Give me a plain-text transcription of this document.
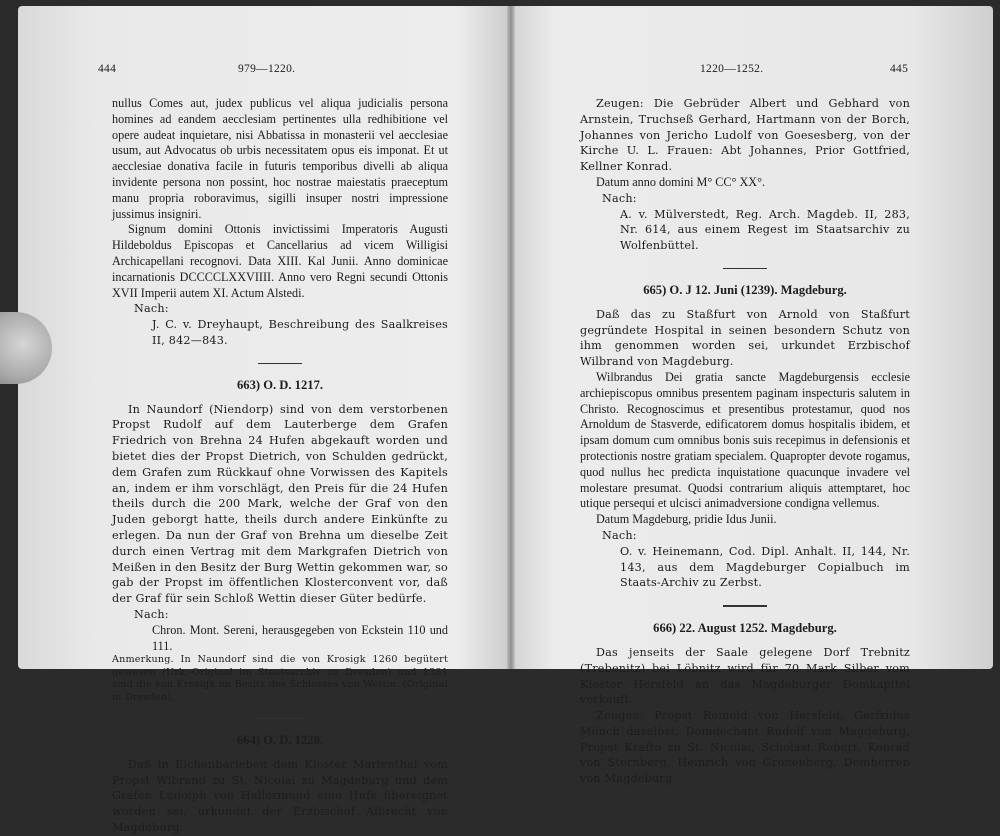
444	979—1220.

nullus Comes aut, judex publicus vel aliqua judicialis persona homines ad eandem aecclesiam pertinentes ulla redhibitione vel opere audeat inquietare, nisi Abbatissa in monasterii vel aecclesiae usum, aut Advocatus ob urbis necessitatem opus eis imponat. Et ut aecclesiae donativa facile in futuris temporibus divelli ab aliqua invidente persona non possint, hoc nostrae maiestatis praeceptum manu propria roboravimus, sigilli insuper nostri impressione jussimus insigniri.

Signum domini Ottonis invictissimi Imperatoris Augusti Hildeboldus Episcopas et Cancellarius ad vicem Willigisi Archicapellani recognovi. Data XIII. Kal Junii. Anno dominicae incarnationis DCCCCLXXVIIII. Anno vero Regni secundi Ottonis XVII Imperii autem XI. Actum Alstedi.

Nach:

J. C. v. Dreyhaupt, Beschreibung des Saalkreises II, 842—843.

663) O. D. 1217.

In Naundorf (Niendorp) sind von dem verstorbenen Propst Rudolf auf dem Lauterberge dem Grafen Friedrich von Brehna 24 Hufen abgekauft worden und bietet dies der Propst Dietrich, von Schulden gedrückt, dem Grafen zum Rückkauf ohne Vorwissen des Kapitels an, indem er ihm vorschlägt, den Preis für die 24 Hufen theils durch die 200 Mark, welche der Graf von den Juden geborgt hatte, theils durch andere Einkünfte zu erlegen. Da nun der Graf von Brehna um dieselbe Zeit durch einen Vertrag mit dem Markgrafen Dietrich von Meißen in den Besitz der Burg Wettin gekommen war, so gab der Propst im öffentlichen Klosterconvent vor, daß der Graf für sein Schloß Wettin dieser Güter bedürfe.

Nach:

Chron. Mont. Sereni, herausgegeben von Eckstein 110 und 111.

Anmerkung. In Naundorf sind die von Krosigk 1260 begütert gewesen (Urk.-Original im Staatsarchiv zu Dresden) und 1381 sind die von Krosigk im Besitz des Schlosses von Wettin. (Original in Dresden).

664) O. D. 1220.

Daß in Eichenbarleben dem Kloster Marienthal vom Propst Wibrand zu St. Nicolai zu Magdeburg und dem Grafen Ludolph von Hallermund eine Hufe übereignet worden sei, urkundet der Erzbischof Albrecht von Magdeburg.

1220—1252.	445

Zeugen: Die Gebrüder Albert und Gebhard von Arnstein, Truchseß Gerhard, Hartmann von der Borch, Johannes von Jericho Ludolf von Goesesberg, von der Kirche U. L. Frauen: Abt Johannes, Prior Gottfried, Kellner Konrad.

Datum anno domini M° CC° XX°.

Nach:

A. v. Mülverstedt, Reg. Arch. Magdeb. II, 283, Nr. 614, aus einem Regest im Staatsarchiv zu Wolfenbüttel.

665) O. J 12. Juni (1239). Magdeburg.

Daß das zu Staßfurt von Arnold von Staßfurt gegründete Hospital in seinen besondern Schutz von ihm genommen worden sei, urkundet Erzbischof Wilbrand von Magdeburg.

Wilbrandus Dei gratia sancte Magdeburgensis ecclesie archiepiscopus omnibus presentem paginam inspecturis salutem in Christo. Recognoscimus et presentibus protestamur, quod nos Arnoldum de Stasverde, edificatorem domus hospitalis ibidem, et ipsam domum cum omnibus bonis suis recepimus in defensionis et protectionis nostre gratiam specialem. Quapropter devote rogamus, quod nullus hec predicta inquistatione quacunque invadere vel molestare presumat. Quodsi contrarium aliquis attemptaret, hoc utique persequi et ulcisci animadversione condigna vellemus.

Datum Magdeburg, pridie Idus Junii.

Nach:

O. v. Heinemann, Cod. Dipl. Anhalt. II, 144, Nr. 143, aus dem Magdeburger Copialbuch im Staats-Archiv zu Zerbst.

666) 22. August 1252. Magdeburg.

Das jenseits der Saale gelegene Dorf Trebnitz (Trebenitz) bei Löbnitz wird für 70 Mark Silber vom Kloster Hersfeld an das Magdeburger Domkapitel verkauft.

Zeugen: Propst Reinold von Hersfeld, Gerfridus Mönch daselbst, Domdechant Rudolf von Magdeburg, Propst Krafto zu St. Nicolai, Scholast Robert, Konrad von Sternberg, Heinrich von Gronenberg, Domherren von Magdeburg.
